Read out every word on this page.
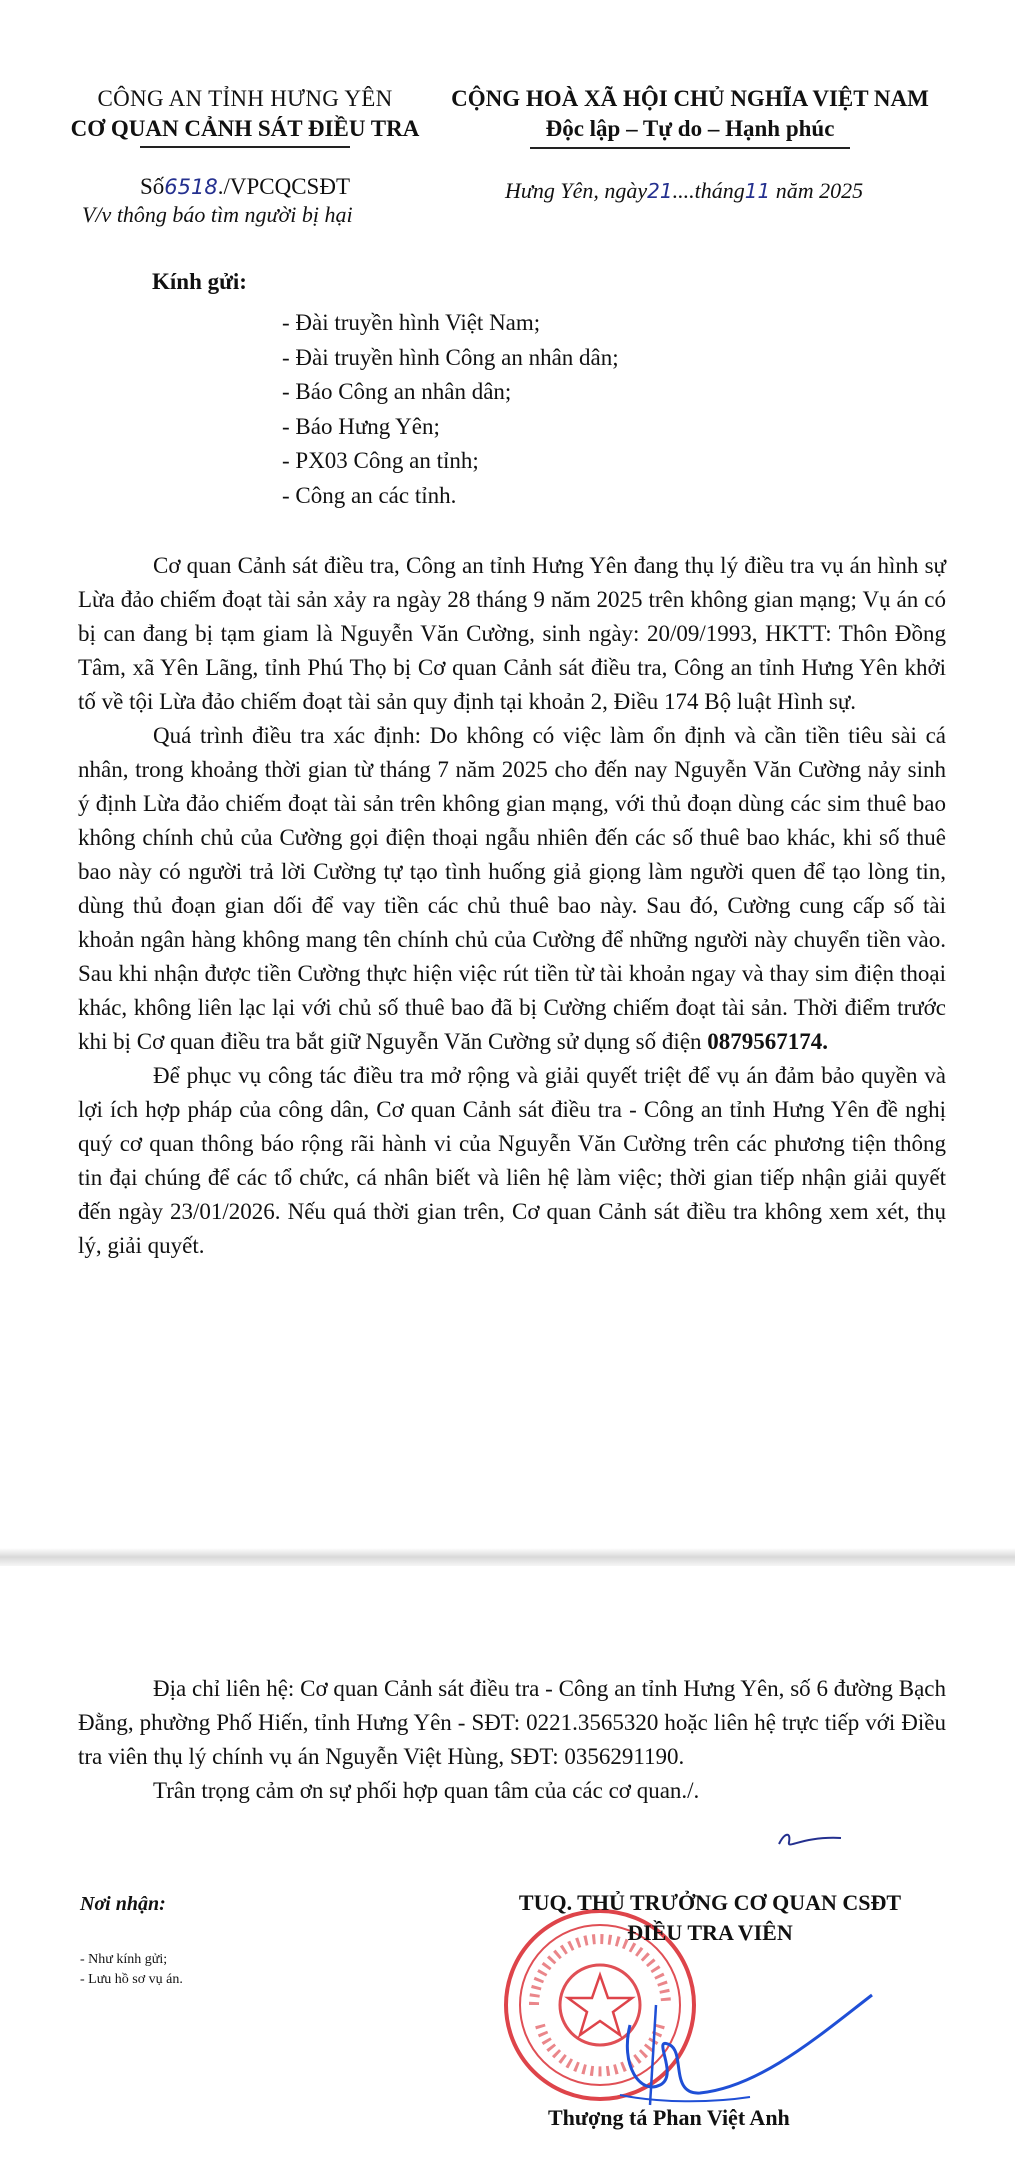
CÔNG AN TỈNH HƯNG YÊN
CƠ QUAN CẢNH SÁT ĐIỀU TRA
CỘNG HOÀ XÃ HỘI CHỦ NGHĨA VIỆT NAM
Độc lập – Tự do – Hạnh phúc
Số6518./VPCQCSĐT
V/v thông báo tìm người bị hại
Hưng Yên, ngày21....tháng11 năm 2025
Kính gửi:
- Đài truyền hình Việt Nam;
- Đài truyền hình Công an nhân dân;
- Báo Công an nhân dân;
- Báo Hưng Yên;
- PX03 Công an tỉnh;
- Công an các tỉnh.

Cơ quan Cảnh sát điều tra, Công an tỉnh Hưng Yên đang thụ lý điều tra vụ án hình sự Lừa đảo chiếm đoạt tài sản xảy ra ngày 28 tháng 9 năm 2025 trên không gian mạng; Vụ án có bị can đang bị tạm giam là Nguyễn Văn Cường, sinh ngày: 20/09/1993, HKTT: Thôn Đồng Tâm, xã Yên Lãng, tỉnh Phú Thọ bị Cơ quan Cảnh sát điều tra, Công an tỉnh Hưng Yên khởi tố về tội Lừa đảo chiếm đoạt tài sản quy định tại khoản 2, Điều 174 Bộ luật Hình sự.

Quá trình điều tra xác định: Do không có việc làm ổn định và cần tiền tiêu sài cá nhân, trong khoảng thời gian từ tháng 7 năm 2025 cho đến nay Nguyễn Văn Cường nảy sinh ý định Lừa đảo chiếm đoạt tài sản trên không gian mạng, với thủ đoạn dùng các sim thuê bao không chính chủ của Cường gọi điện thoại ngẫu nhiên đến các số thuê bao khác, khi số thuê bao này có người trả lời Cường tự tạo tình huống giả giọng làm người quen để tạo lòng tin, dùng thủ đoạn gian dối để vay tiền các chủ thuê bao này. Sau đó, Cường cung cấp số tài khoản ngân hàng không mang tên chính chủ của Cường để những người này chuyển tiền vào. Sau khi nhận được tiền Cường thực hiện việc rút tiền từ tài khoản ngay và thay sim điện thoại khác, không liên lạc lại với chủ số thuê bao đã bị Cường chiếm đoạt tài sản. Thời điểm trước khi bị Cơ quan điều tra bắt giữ Nguyễn Văn Cường sử dụng số điện 0879567174.

Để phục vụ công tác điều tra mở rộng và giải quyết triệt để vụ án đảm bảo quyền và lợi ích hợp pháp của công dân, Cơ quan Cảnh sát điều tra - Công an tỉnh Hưng Yên đề nghị quý cơ quan thông báo rộng rãi hành vi của Nguyễn Văn Cường trên các phương tiện thông tin đại chúng để các tổ chức, cá nhân biết và liên hệ làm việc; thời gian tiếp nhận giải quyết đến ngày 23/01/2026. Nếu quá thời gian trên, Cơ quan Cảnh sát điều tra không xem xét, thụ lý, giải quyết.

Địa chỉ liên hệ: Cơ quan Cảnh sát điều tra - Công an tỉnh Hưng Yên, số 6 đường Bạch Đằng, phường Phố Hiến, tỉnh Hưng Yên - SĐT: 0221.3565320 hoặc liên hệ trực tiếp với Điều tra viên thụ lý chính vụ án Nguyễn Việt Hùng, SĐT: 0356291190.

Trân trọng cảm ơn sự phối hợp quan tâm của các cơ quan./.

Nơi nhận:
- Như kính gửi;
- Lưu hồ sơ vụ án.
TUQ. THỦ TRƯỞNG CƠ QUAN CSĐT
ĐIỀU TRA VIÊN
Thượng tá Phan Việt Anh
